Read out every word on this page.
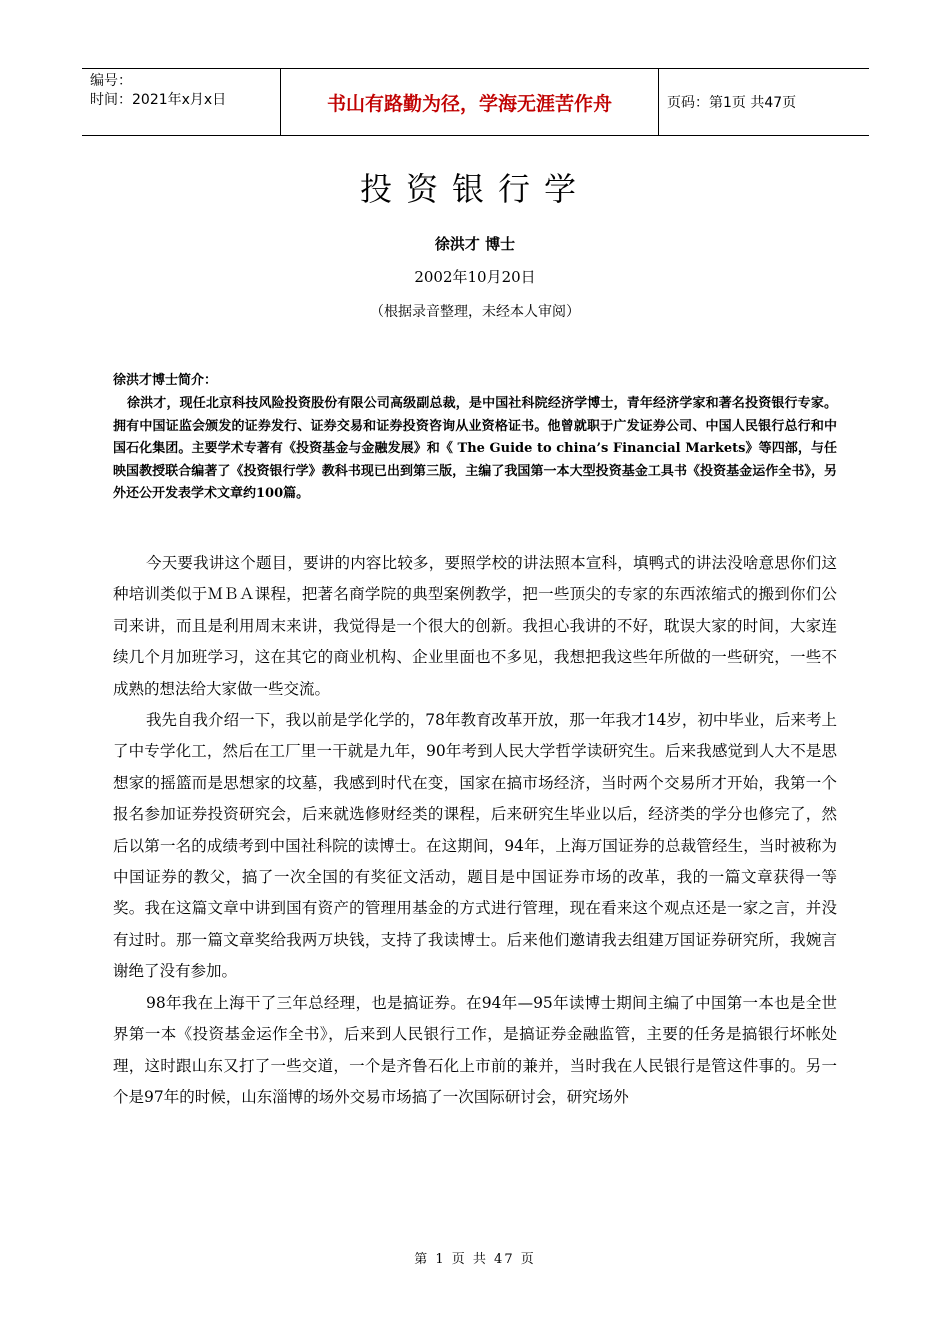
编号：
时间：2021年x月x日	书山有路勤为径，学海无涯苦作舟	页码：第1页 共47页
投资银行学
徐洪才 博士
2002年10月20日
（根据录音整理，未经本人审阅）
徐洪才博士简介：

徐洪才，现任北京科技风险投资股份有限公司高级副总裁，是中国社科院经济学博士，青年经济学家和著名投资银行专家。拥有中国证监会颁发的证券发行、证券交易和证券投资咨询从业资格证书。他曾就职于广发证券公司、中国人民银行总行和中国石化集团。主要学术专著有《投资基金与金融发展》和《 The Guide to china’s Financial Markets》等四部，与任映国教授联合编著了《投资银行学》教科书现已出到第三版，主编了我国第一本大型投资基金工具书《投资基金运作全书》，另外还公开发表学术文章约100篇。

今天要我讲这个题目，要讲的内容比较多，要照学校的讲法照本宣科，填鸭式的讲法没啥意思你们这种培训类似于ＭＢＡ课程，把著名商学院的典型案例教学，把一些顶尖的专家的东西浓缩式的搬到你们公司来讲，而且是利用周末来讲，我觉得是一个很大的创新。我担心我讲的不好，耽误大家的时间，大家连续几个月加班学习，这在其它的商业机构、企业里面也不多见，我想把我这些年所做的一些研究，一些不成熟的想法给大家做一些交流。

我先自我介绍一下，我以前是学化学的，78年教育改革开放，那一年我才14岁，初中毕业，后来考上了中专学化工，然后在工厂里一干就是九年，90年考到人民大学哲学读研究生。后来我感觉到人大不是思想家的摇篮而是思想家的坟墓，我感到时代在变，国家在搞市场经济，当时两个交易所才开始，我第一个报名参加证券投资研究会，后来就选修财经类的课程，后来研究生毕业以后，经济类的学分也修完了，然后以第一名的成绩考到中国社科院的读博士。在这期间，94年，上海万国证券的总裁管经生，当时被称为中国证券的教父，搞了一次全国的有奖征文活动，题目是中国证券市场的改革，我的一篇文章获得一等奖。我在这篇文章中讲到国有资产的管理用基金的方式进行管理，现在看来这个观点还是一家之言，并没有过时。那一篇文章奖给我两万块钱，支持了我读博士。后来他们邀请我去组建万国证券研究所，我婉言谢绝了没有参加。

98年我在上海干了三年总经理，也是搞证券。在94年—95年读博士期间主编了中国第一本也是全世界第一本《投资基金运作全书》，后来到人民银行工作，是搞证券金融监管，主要的任务是搞银行坏帐处理，这时跟山东又打了一些交道，一个是齐鲁石化上市前的兼并，当时我在人民银行是管这件事的。另一个是97年的时候，山东淄博的场外交易市场搞了一次国际研讨会，研究场外

第 1 页 共 47 页
